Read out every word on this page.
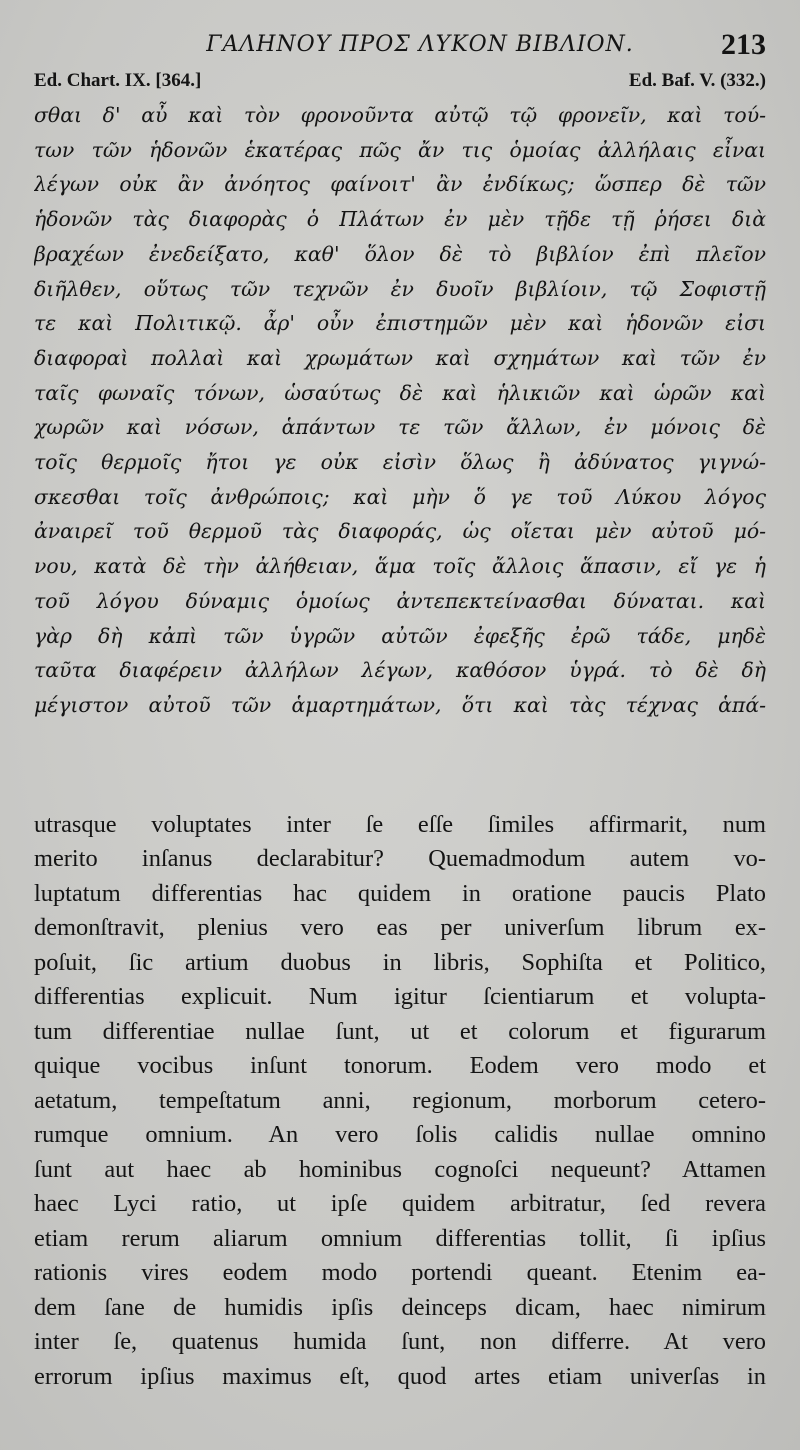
ΓΑΛΗΝΟΥ ΠΡΟΣ ΛΥΚΟΝ ΒΙΒΛΙΟΝ.	213
Ed. Chart. IX. [364.]	Ed. Baf. V. (332.)
σθαι δ' αὖ καὶ τὸν φρονοῦντα αὐτῷ τῷ φρονεῖν, καὶ τού-
των τῶν ἡδονῶν ἑκατέρας πῶς ἄν τις ὁμοίας ἀλλήλαις εἶναι
λέγων οὐκ ἂν ἀνόητος φαίνοιτ' ἂν ἐνδίκως; ὥσπερ δὲ τῶν
ἡδονῶν τὰς διαφορὰς ὁ Πλάτων ἐν μὲν τῇδε τῇ ῥήσει διὰ
βραχέων ἐνεδείξατο, καθ' ὅλον δὲ τὸ βιβλίον ἐπὶ πλεῖον
διῆλθεν, οὕτως τῶν τεχνῶν ἐν δυοῖν βιβλίοιν, τῷ Σοφιστῇ
τε καὶ Πολιτικῷ. ἆρ' οὖν ἐπιστημῶν μὲν καὶ ἡδονῶν εἰσι
διαφοραὶ πολλαὶ καὶ χρωμάτων καὶ σχημάτων καὶ τῶν ἐν
ταῖς φωναῖς τόνων, ὡσαύτως δὲ καὶ ἡλικιῶν καὶ ὡρῶν καὶ
χωρῶν καὶ νόσων, ἁπάντων τε τῶν ἄλλων, ἐν μόνοις δὲ
τοῖς θερμοῖς ἤτοι γε οὐκ εἰσὶν ὅλως ἢ ἀδύνατος γιγνώ-
σκεσθαι τοῖς ἀνθρώποις; καὶ μὴν ὅ γε τοῦ Λύκου λόγος
ἀναιρεῖ τοῦ θερμοῦ τὰς διαφοράς, ὡς οἴεται μὲν αὐτοῦ μό-
νου, κατὰ δὲ τὴν ἀλήθειαν, ἅμα τοῖς ἄλλοις ἅπασιν, εἴ γε ἡ
τοῦ λόγου δύναμις ὁμοίως ἀντεπεκτείνασθαι δύναται. καὶ
γὰρ δὴ κἀπὶ τῶν ὑγρῶν αὐτῶν ἐφεξῆς ἐρῶ τάδε, μηδὲ
ταῦτα διαφέρειν ἀλλήλων λέγων, καθόσον ὑγρά. τὸ δὲ δὴ
μέγιστον αὐτοῦ τῶν ἁμαρτημάτων, ὅτι καὶ τὰς τέχνας ἁπά-
utrasque voluptates inter ſe eſſe ſimiles affirmarit, num
merito inſanus declarabitur? Quemadmodum autem vo-
luptatum differentias hac quidem in oratione paucis Plato
demonſtravit, plenius vero eas per univerſum librum ex-
poſuit, ſic artium duobus in libris, Sophiſta et Politico,
differentias explicuit. Num igitur ſcientiarum et volupta-
tum differentiae nullae ſunt, ut et colorum et figurarum
quique vocibus inſunt tonorum. Eodem vero modo et
aetatum, tempeſtatum anni, regionum, morborum cetero-
rumque omnium. An vero ſolis calidis nullae omnino
ſunt aut haec ab hominibus cognoſci nequeunt? Attamen
haec Lyci ratio, ut ipſe quidem arbitratur, ſed revera
etiam rerum aliarum omnium differentias tollit, ſi ipſius
rationis vires eodem modo portendi queant. Etenim ea-
dem ſane de humidis ipſis deinceps dicam, haec nimirum
inter ſe, quatenus humida ſunt, non differre. At vero
errorum ipſius maximus eſt, quod artes etiam univerſas in
